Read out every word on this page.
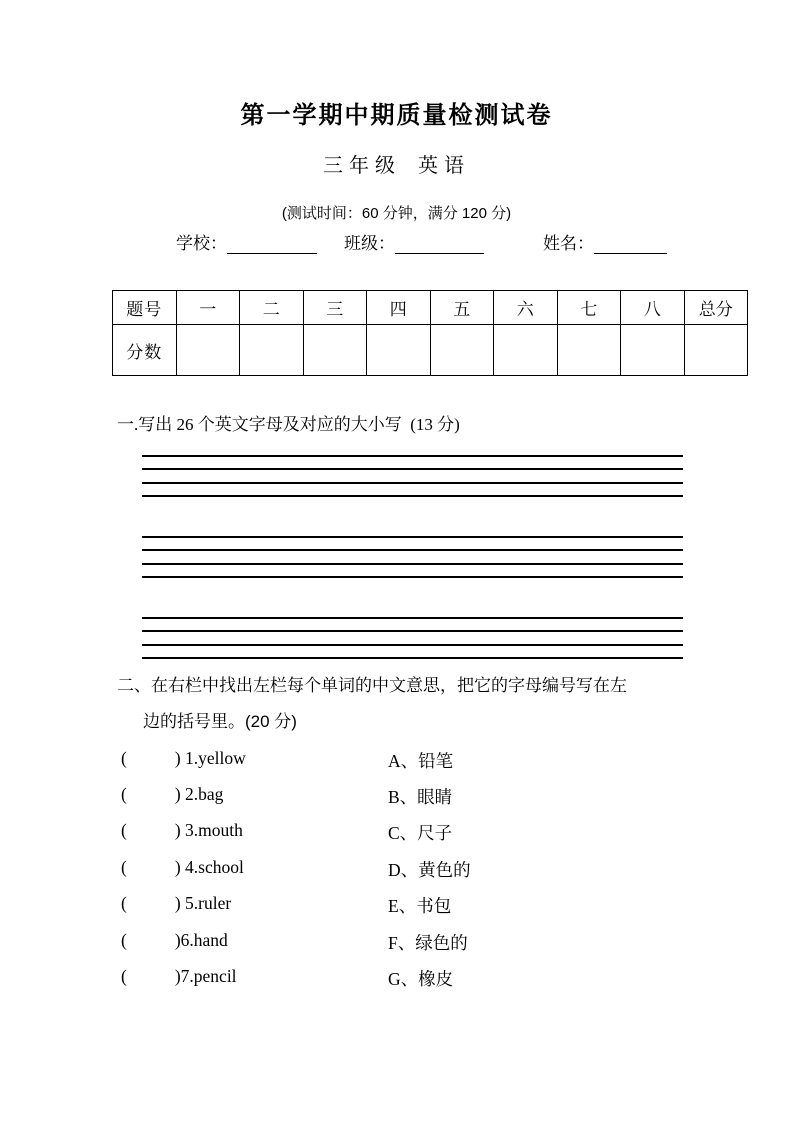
第一学期中期质量检测试卷
三年级 英语
(测试时间：60 分钟，满分 120 分)
学校：	班级：	姓名：
题号	一	二	三	四	五	六	七	八	总分
分数									
一.写出 26 个英文字母及对应的大小写  (13 分)
二、在右栏中找出左栏每个单词的中文意思，把它的字母编号写在左
边的括号里。(20 分)
(	) 1.yellow	A、铅笔
(	) 2.bag	B、眼睛
(	) 3.mouth	C、尺子
(	) 4.school	D、黄色的
(	) 5.ruler	E、书包
(	)6.hand	F、绿色的
(	)7.pencil	G、橡皮
